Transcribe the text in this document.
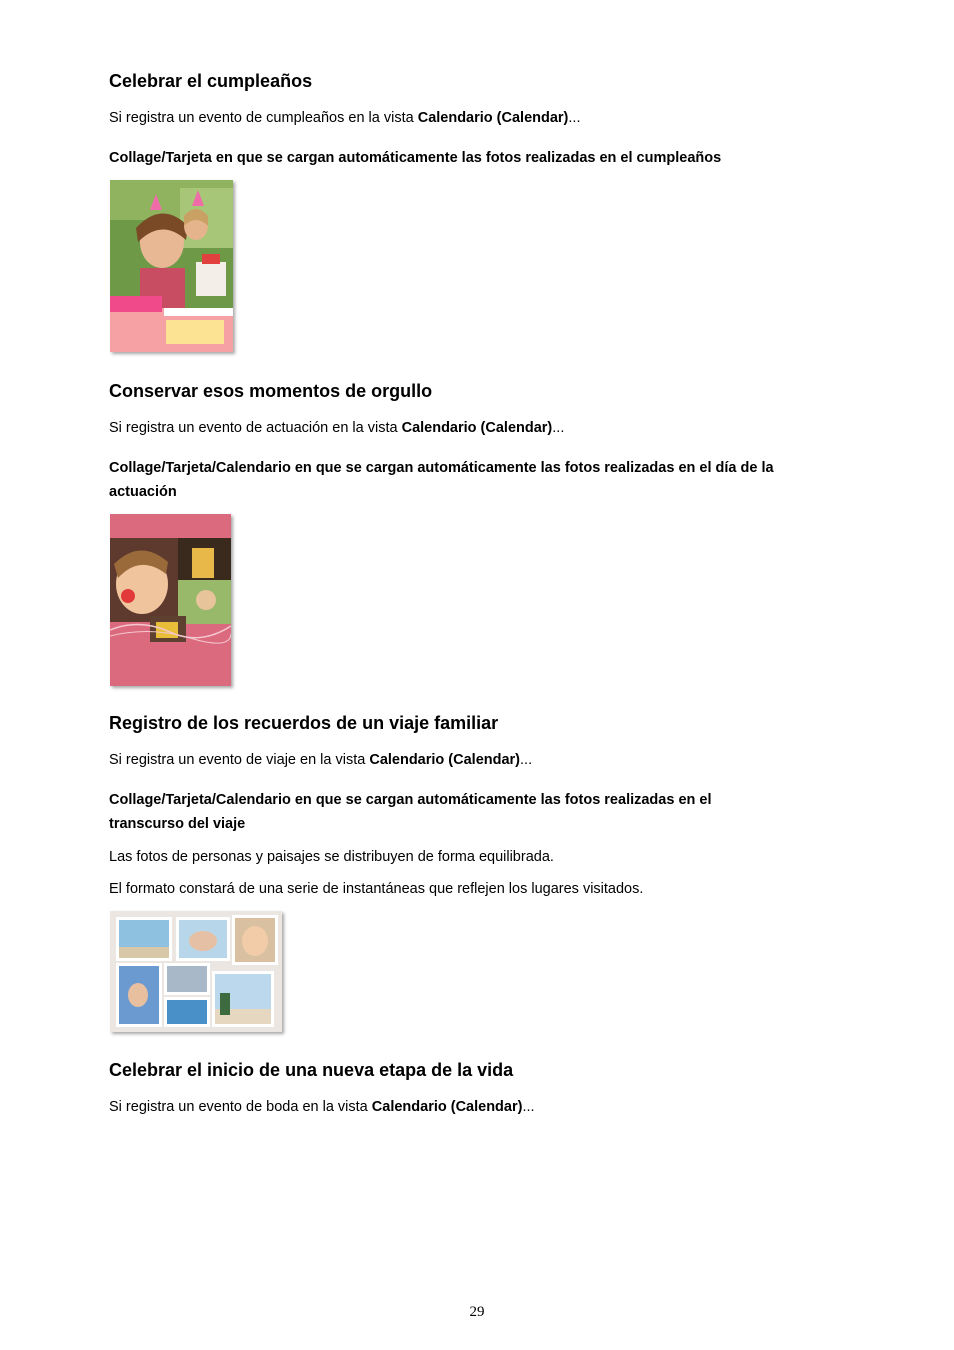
Celebrar el cumpleaños

Si registra un evento de cumpleaños en la vista Calendario (Calendar)...

Collage/Tarjeta en que se cargan automáticamente las fotos realizadas en el cumpleaños

Conservar esos momentos de orgullo

Si registra un evento de actuación en la vista Calendario (Calendar)...

Collage/Tarjeta/Calendario en que se cargan automáticamente las fotos realizadas en el día de la
actuación

Registro de los recuerdos de un viaje familiar

Si registra un evento de viaje en la vista Calendario (Calendar)...

Collage/Tarjeta/Calendario en que se cargan automáticamente las fotos realizadas en el
transcurso del viaje

Las fotos de personas y paisajes se distribuyen de forma equilibrada.

El formato constará de una serie de instantáneas que reflejen los lugares visitados.

Celebrar el inicio de una nueva etapa de la vida

Si registra un evento de boda en la vista Calendario (Calendar)...

29
